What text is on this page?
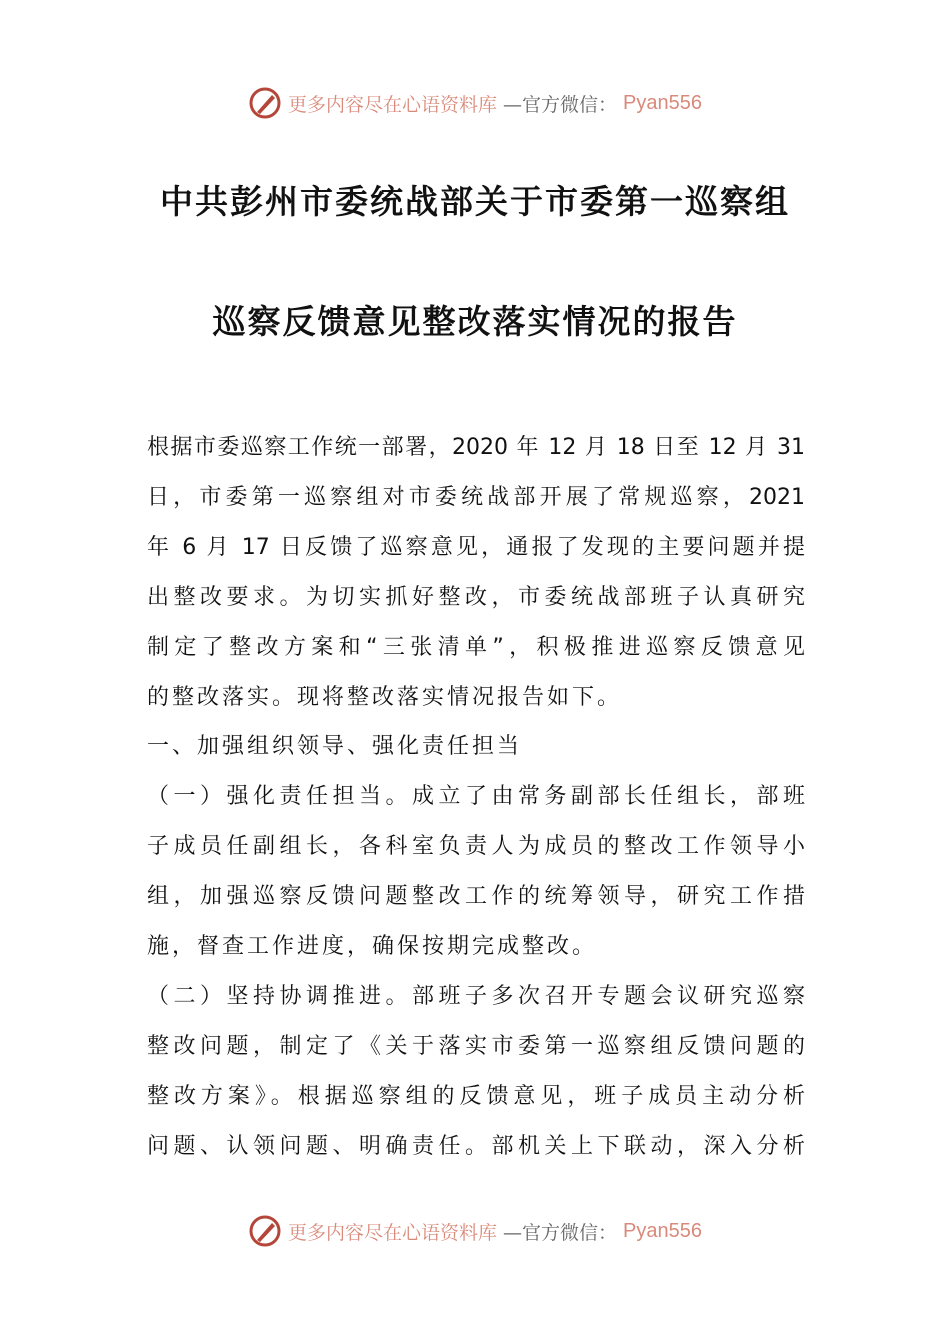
更多内容尽在心语资料库 —官方微信： Pyan556
中共彭州市委统战部关于市委第一巡察组
巡察反馈意见整改落实情况的报告
根据市委巡察工作统一部署，2020 年 12 月 18 日至 12 月 31
日，市委第一巡察组对市委统战部开展了常规巡察，2021
年 6 月 17 日反馈了巡察意见，通报了发现的主要问题并提
出整改要求。为切实抓好整改，市委统战部班子认真研究
制定了整改方案和“三张清单”，积极推进巡察反馈意见
的整改落实。现将整改落实情况报告如下。
一、加强组织领导、强化责任担当
（一）强化责任担当。成立了由常务副部长任组长，部班
子成员任副组长，各科室负责人为成员的整改工作领导小
组，加强巡察反馈问题整改工作的统筹领导，研究工作措
施，督查工作进度，确保按期完成整改。
（二）坚持协调推进。部班子多次召开专题会议研究巡察
整改问题，制定了《关于落实市委第一巡察组反馈问题的
整改方案》。根据巡察组的反馈意见，班子成员主动分析
问题、认领问题、明确责任。部机关上下联动，深入分析
更多内容尽在心语资料库 —官方微信： Pyan556
